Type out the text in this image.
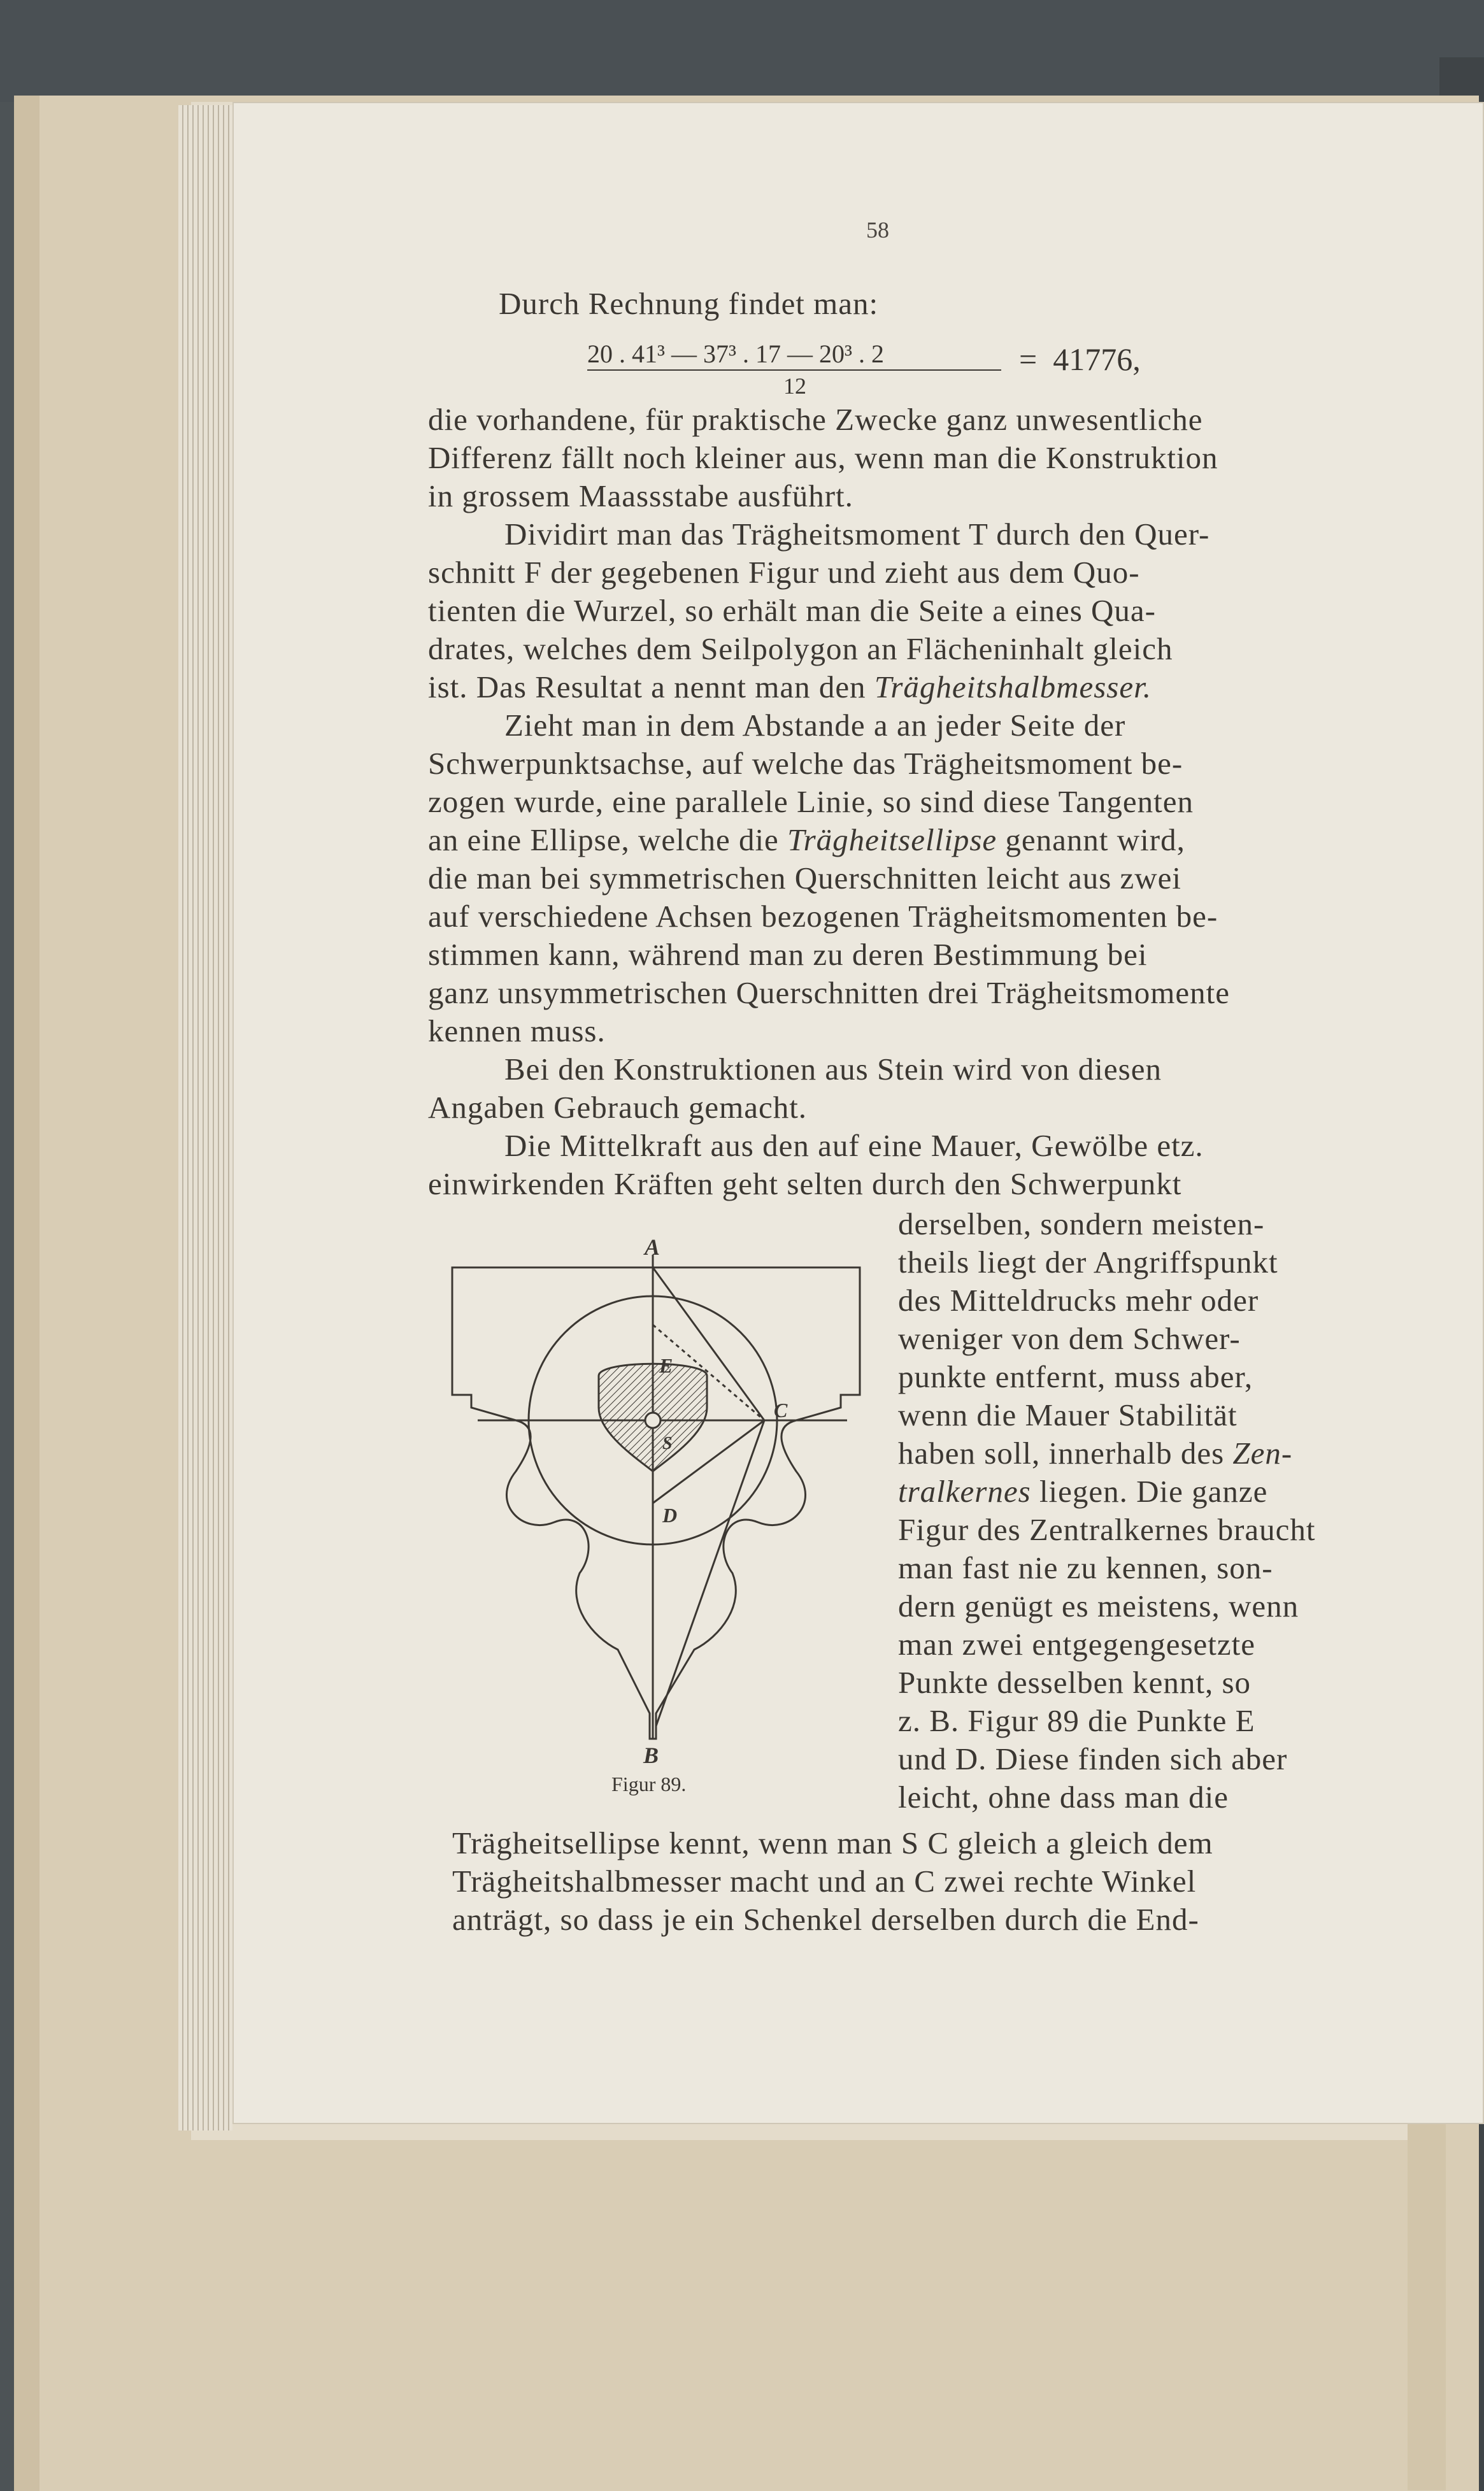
58
Durch Rechnung findet man:
20 . 41³ — 37³ . 17 — 20³ . 2
12
= 41776,
die vorhandene, für praktische Zwecke ganz unwesentliche
Differenz fällt noch kleiner aus, wenn man die Konstruktion
in grossem Maassstabe ausführt.
Dividirt man das Trägheitsmoment T durch den Quer-
schnitt F der gegebenen Figur und zieht aus dem Quo-
tienten die Wurzel, so erhält man die Seite a eines Qua-
drates, welches dem Seilpolygon an Flächeninhalt gleich
ist. Das Resultat a nennt man den Trägheitshalbmesser.
Zieht man in dem Abstande a an jeder Seite der
Schwerpunktsachse, auf welche das Trägheitsmoment be-
zogen wurde, eine parallele Linie, so sind diese Tangenten
an eine Ellipse, welche die Trägheitsellipse genannt wird,
die man bei symmetrischen Querschnitten leicht aus zwei
auf verschiedene Achsen bezogenen Trägheitsmomenten be-
stimmen kann, während man zu deren Bestimmung bei
ganz unsymmetrischen Querschnitten drei Trägheitsmomente
kennen muss.
Bei den Konstruktionen aus Stein wird von diesen
Angaben Gebrauch gemacht.
Die Mittelkraft aus den auf eine Mauer, Gewölbe etz.
einwirkenden Kräften geht selten durch den Schwerpunkt
derselben, sondern meisten-
theils liegt der Angriffspunkt
des Mitteldrucks mehr oder
weniger von dem Schwer-
punkte entfernt, muss aber,
wenn die Mauer Stabilität
haben soll, innerhalb des Zen-
tralkernes liegen. Die ganze
Figur des Zentralkernes braucht
man fast nie zu kennen, son-
dern genügt es meistens, wenn
man zwei entgegengesetzte
Punkte desselben kennt, so
z. B. Figur 89 die Punkte E
und D. Diese finden sich aber
leicht, ohne dass man die
Trägheitsellipse kennt, wenn man S C gleich a gleich dem
Trägheitshalbmesser macht und an C zwei rechte Winkel
anträgt, so dass je ein Schenkel derselben durch die End-
A
E
C
S
D
B
Figur 89.
